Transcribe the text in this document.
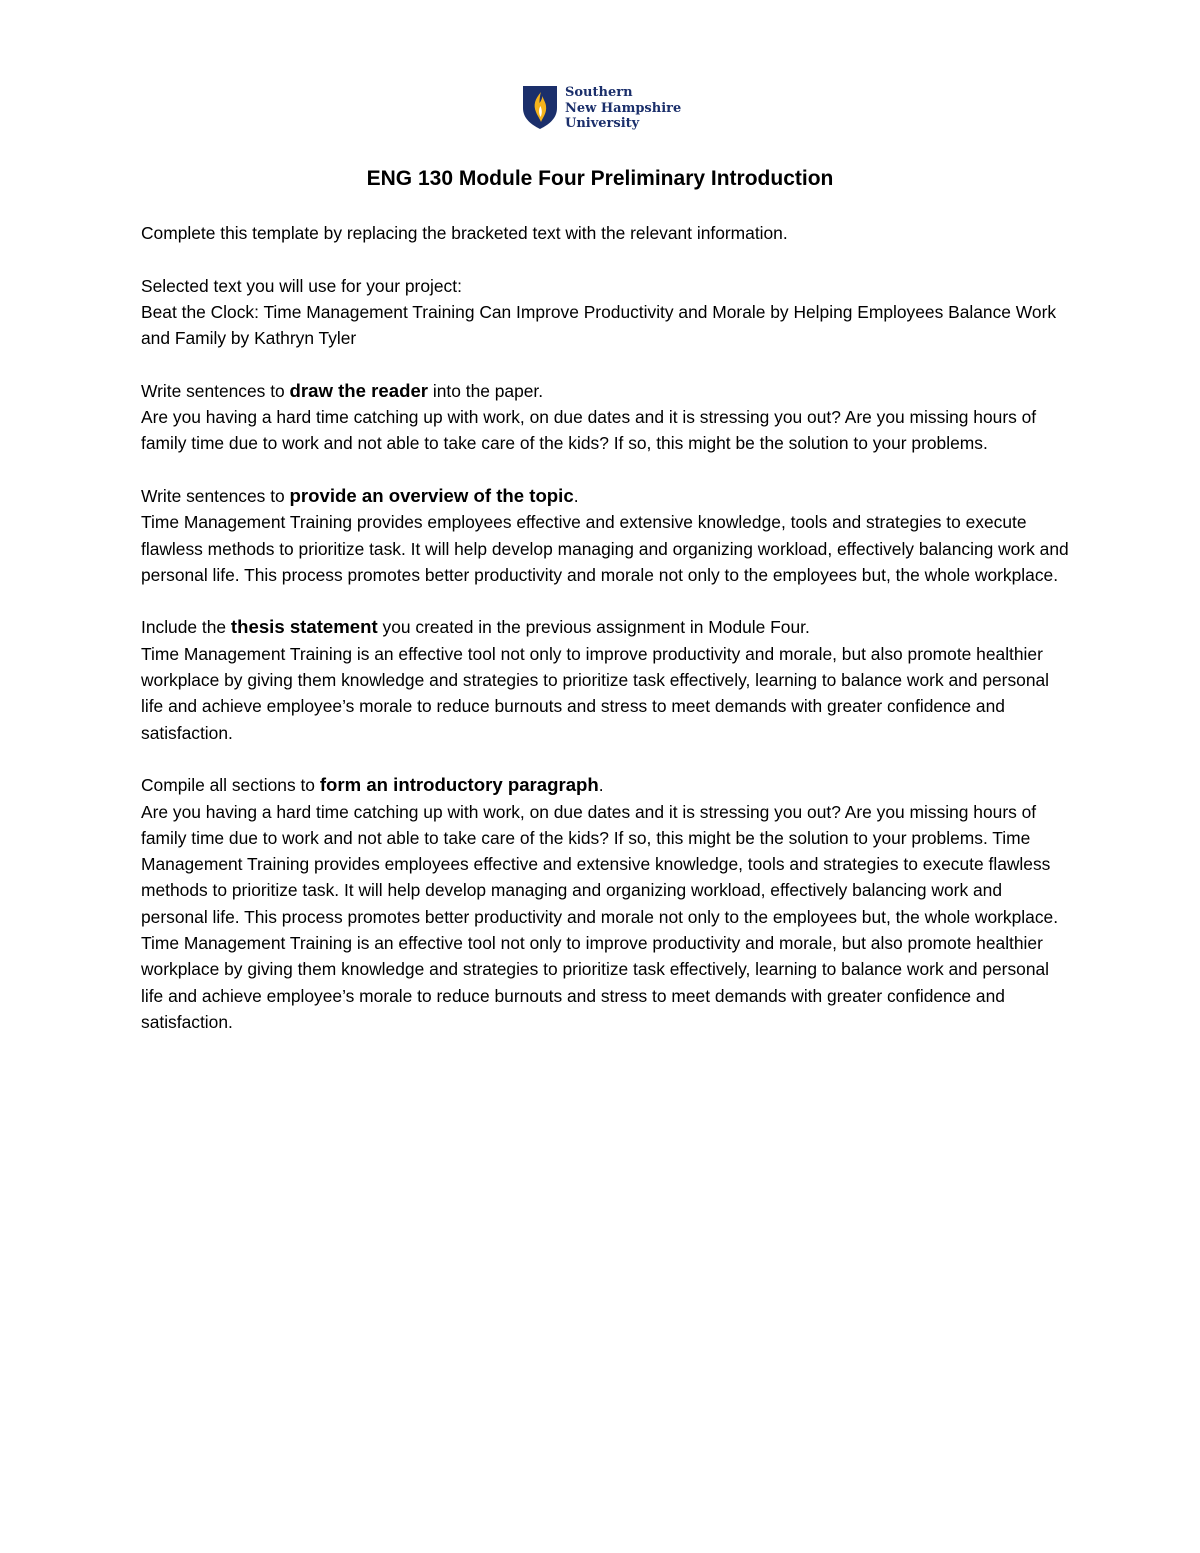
Southern
New Hampshire
University
ENG 130 Module Four Preliminary Introduction

Complete this template by replacing the bracketed text with the relevant information.

Selected text you will use for your project:

Beat the Clock: Time Management Training Can Improve Productivity and Morale by Helping Employees Balance Work and Family by Kathryn Tyler

Write sentences to draw the reader into the paper.

Are you having a hard time catching up with work, on due dates and it is stressing you out? Are you missing hours of family time due to work and not able to take care of the kids? If so, this might be the solution to your problems.

Write sentences to provide an overview of the topic.

Time Management Training provides employees effective and extensive knowledge, tools and strategies to execute flawless methods to prioritize task. It will help develop managing and organizing workload, effectively balancing work and personal life. This process promotes better productivity and morale not only to the employees but, the whole workplace.

Include the thesis statement you created in the previous assignment in Module Four.

Time Management Training is an effective tool not only to improve productivity and morale, but also promote healthier workplace by giving them knowledge and strategies to prioritize task effectively, learning to balance work and personal life and achieve employee’s morale to reduce burnouts and stress to meet demands with greater confidence and satisfaction.

Compile all sections to form an introductory paragraph.

Are you having a hard time catching up with work, on due dates and it is stressing you out? Are you missing hours of family time due to work and not able to take care of the kids? If so, this might be the solution to your problems. Time Management Training provides employees effective and extensive knowledge, tools and strategies to execute flawless methods to prioritize task. It will help develop managing and organizing workload, effectively balancing work and personal life. This process promotes better productivity and morale not only to the employees but, the whole workplace. Time Management Training is an effective tool not only to improve productivity and morale, but also promote healthier workplace by giving them knowledge and strategies to prioritize task effectively, learning to balance work and personal life and achieve employee’s morale to reduce burnouts and stress to meet demands with greater confidence and satisfaction.
